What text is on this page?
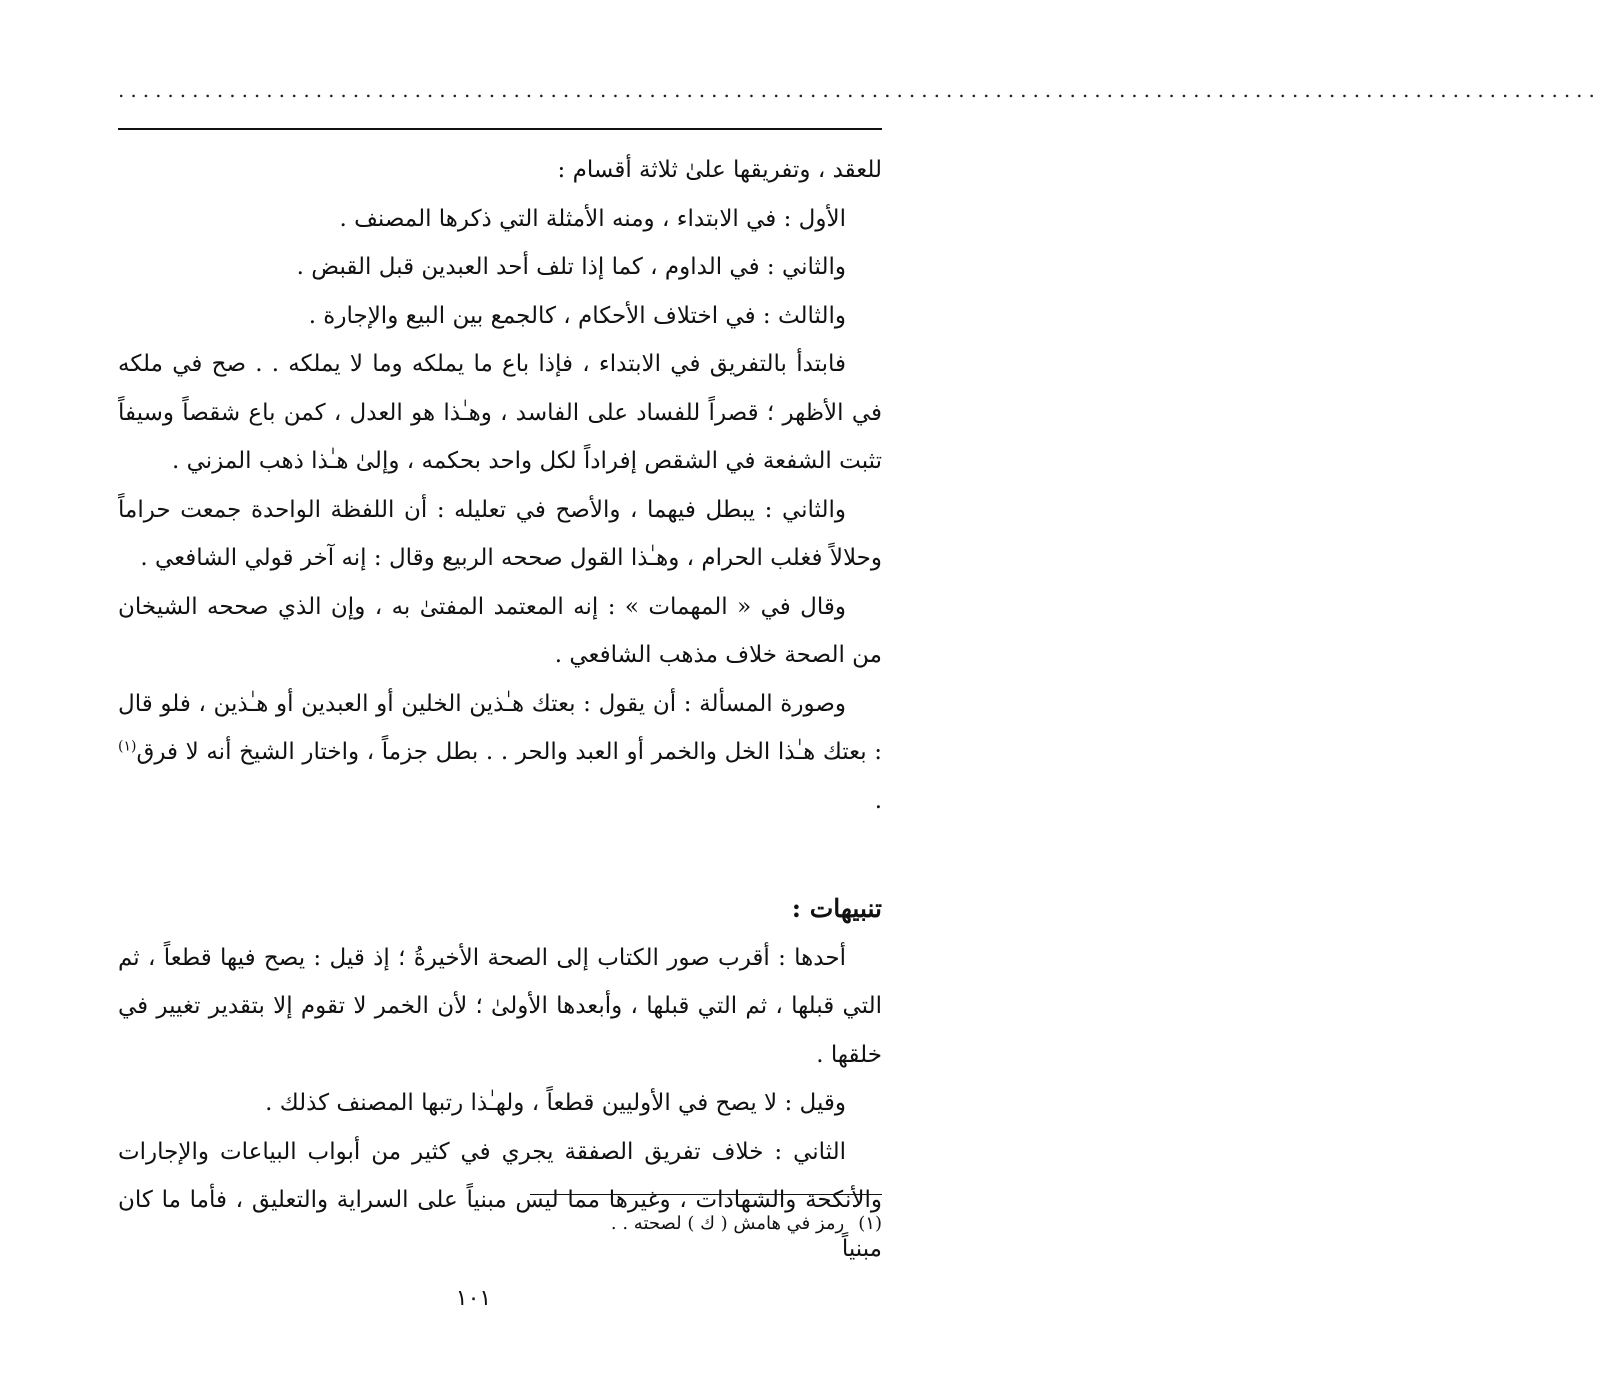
........................................................................................................................

للعقد ، وتفريقها علىٰ ثلاثة أقسام :

الأول : في الابتداء ، ومنه الأمثلة التي ذكرها المصنف .

والثاني : في الداوم ، كما إذا تلف أحد العبدين قبل القبض .

والثالث : في اختلاف الأحكام ، كالجمع بين البيع والإجارة .

فابتدأ بالتفريق في الابتداء ، فإذا باع ما يملكه وما لا يملكه . . صح في ملكه في الأظهر ؛ قصراً للفساد على الفاسد ، وهـٰذا هو العدل ، كمن باع شقصاً وسيفاً تثبت الشفعة في الشقص إفراداً لكل واحد بحكمه ، وإلىٰ هـٰذا ذهب المزني .

والثاني : يبطل فيهما ، والأصح في تعليله : أن اللفظة الواحدة جمعت حراماً وحلالاً فغلب الحرام ، وهـٰذا القول صححه الربيع وقال : إنه آخر قولي الشافعي .

وقال في « المهمات » : إنه المعتمد المفتىٰ به ، وإن الذي صححه الشيخان من الصحة خلاف مذهب الشافعي .

وصورة المسألة : أن يقول : بعتك هـٰذين الخلين أو العبدين أو هـٰذين ، فلو قال : بعتك هـٰذا الخل والخمر أو العبد والحر . . بطل جزماً ، واختار الشيخ أنه لا فرق$^{(١)}$ .

تنبيهات :

أحدها : أقرب صور الكتاب إلى الصحة الأخيرةُ ؛ إذ قيل : يصح فيها قطعاً ، ثم التي قبلها ، ثم التي قبلها ، وأبعدها الأولىٰ ؛ لأن الخمر لا تقوم إلا بتقدير تغيير في خلقها .

وقيل : لا يصح في الأوليين قطعاً ، ولهـٰذا رتبها المصنف كذلك .

الثاني : خلاف تفريق الصفقة يجري في كثير من أبواب البياعات والإجارات والأنكحة والشهادات ، وغيرها مما ليس مبنياً على السراية والتعليق ، فأما ما كان مبنياً

(١)رمز في هامش ( ك ) لصحته . .
١٠١
